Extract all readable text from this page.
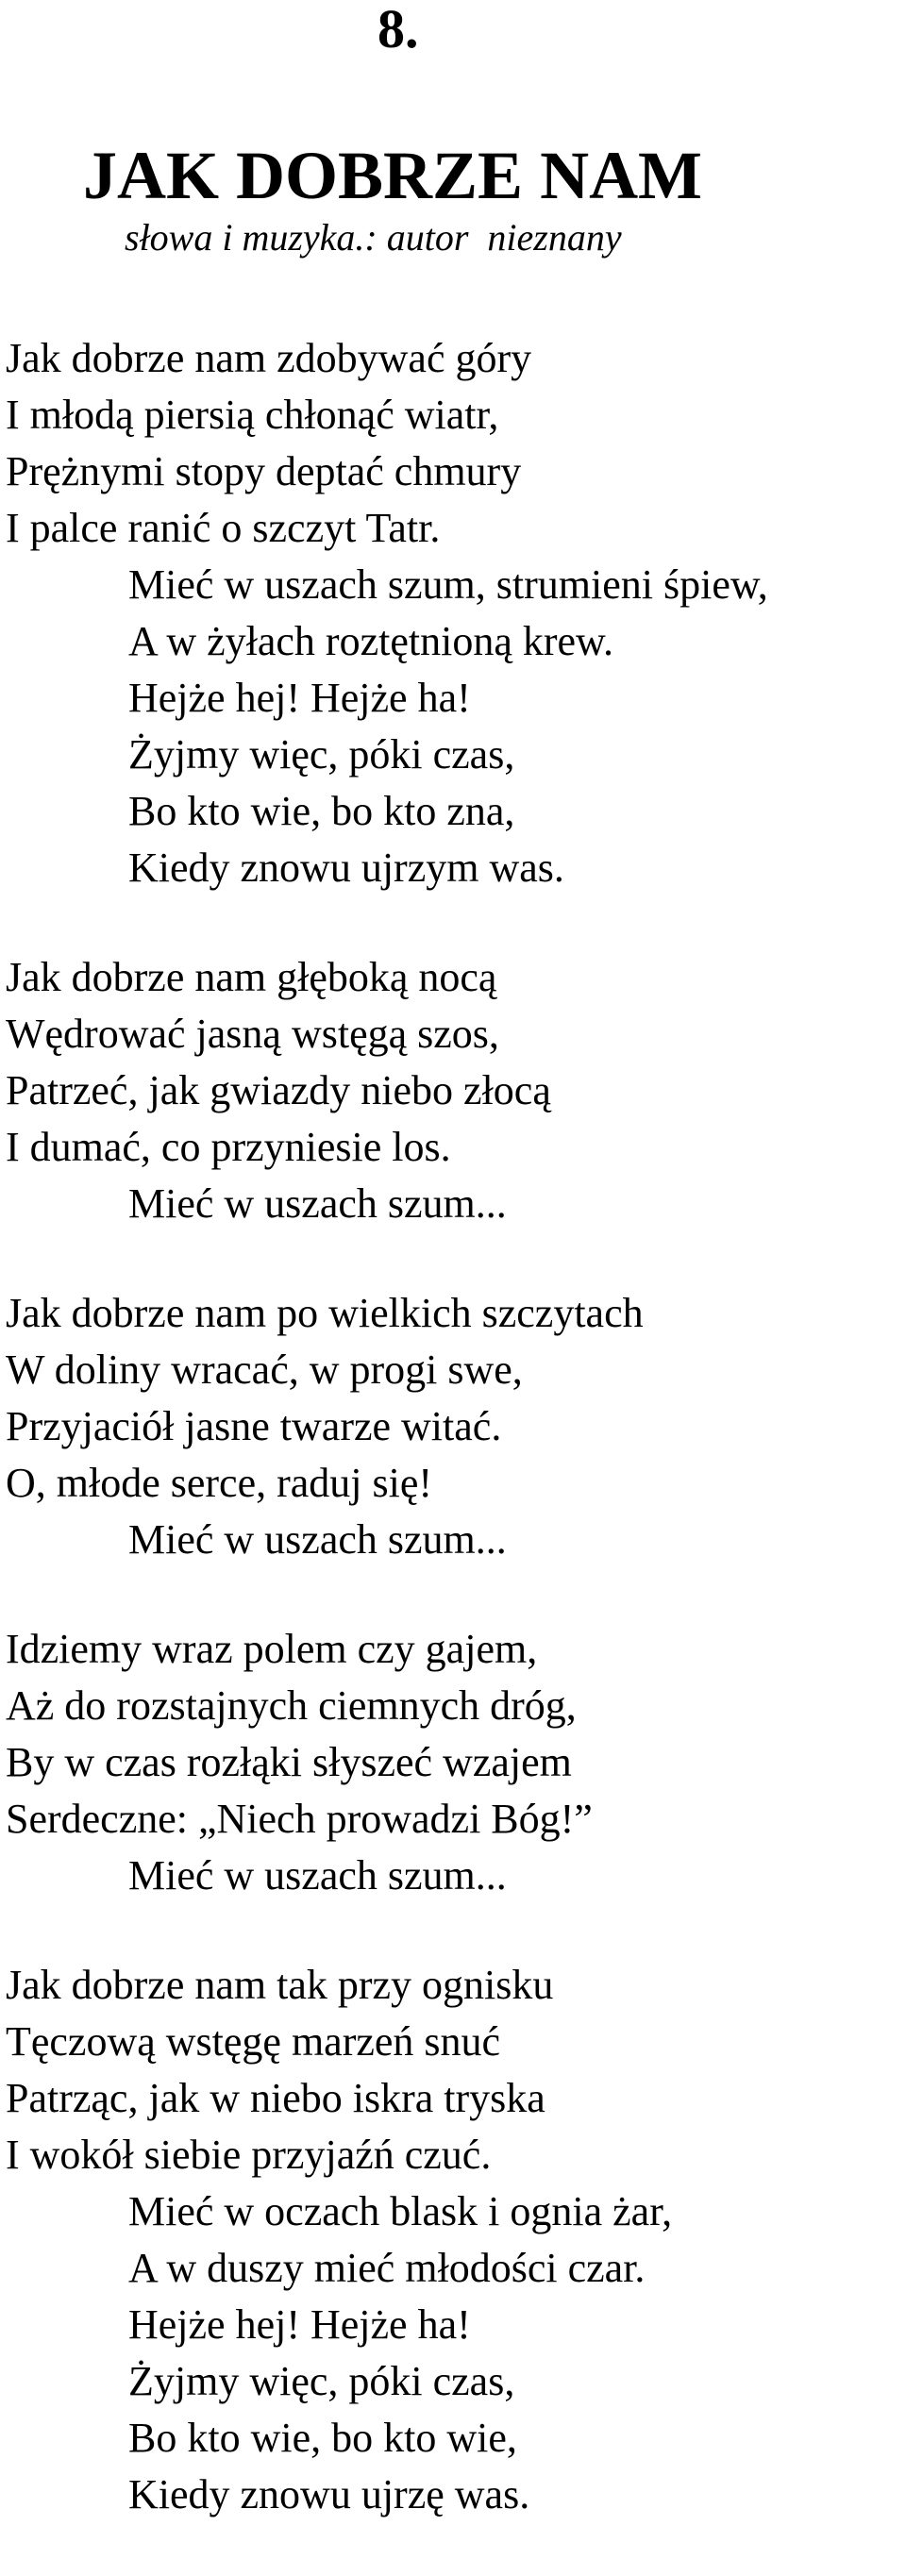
8.
JAK DOBRZE NAM
słowa i muzyka.: autor  nieznany
Jak dobrze nam zdobywać góry
I młodą piersią chłonąć wiatr,
Prężnymi stopy deptać chmury
I palce ranić o szczyt Tatr.
Mieć w uszach szum, strumieni śpiew,
A w żyłach roztętnioną krew.
Hejże hej! Hejże ha!
Żyjmy więc, póki czas,
Bo kto wie, bo kto zna,
Kiedy znowu ujrzym was.
Jak dobrze nam głęboką nocą
Wędrować jasną wstęgą szos,
Patrzeć, jak gwiazdy niebo złocą
I dumać, co przyniesie los.
Mieć w uszach szum...
Jak dobrze nam po wielkich szczytach
W doliny wracać, w progi swe,
Przyjaciół jasne twarze witać.
O, młode serce, raduj się!
Mieć w uszach szum...
Idziemy wraz polem czy gajem,
Aż do rozstajnych ciemnych dróg,
By w czas rozłąki słyszeć wzajem
Serdeczne: „Niech prowadzi Bóg!”
Mieć w uszach szum...
Jak dobrze nam tak przy ognisku
Tęczową wstęgę marzeń snuć
Patrząc, jak w niebo iskra tryska
I wokół siebie przyjaźń czuć.
Mieć w oczach blask i ognia żar,
A w duszy mieć młodości czar.
Hejże hej! Hejże ha!
Żyjmy więc, póki czas,
Bo kto wie, bo kto wie,
Kiedy znowu ujrzę was.
